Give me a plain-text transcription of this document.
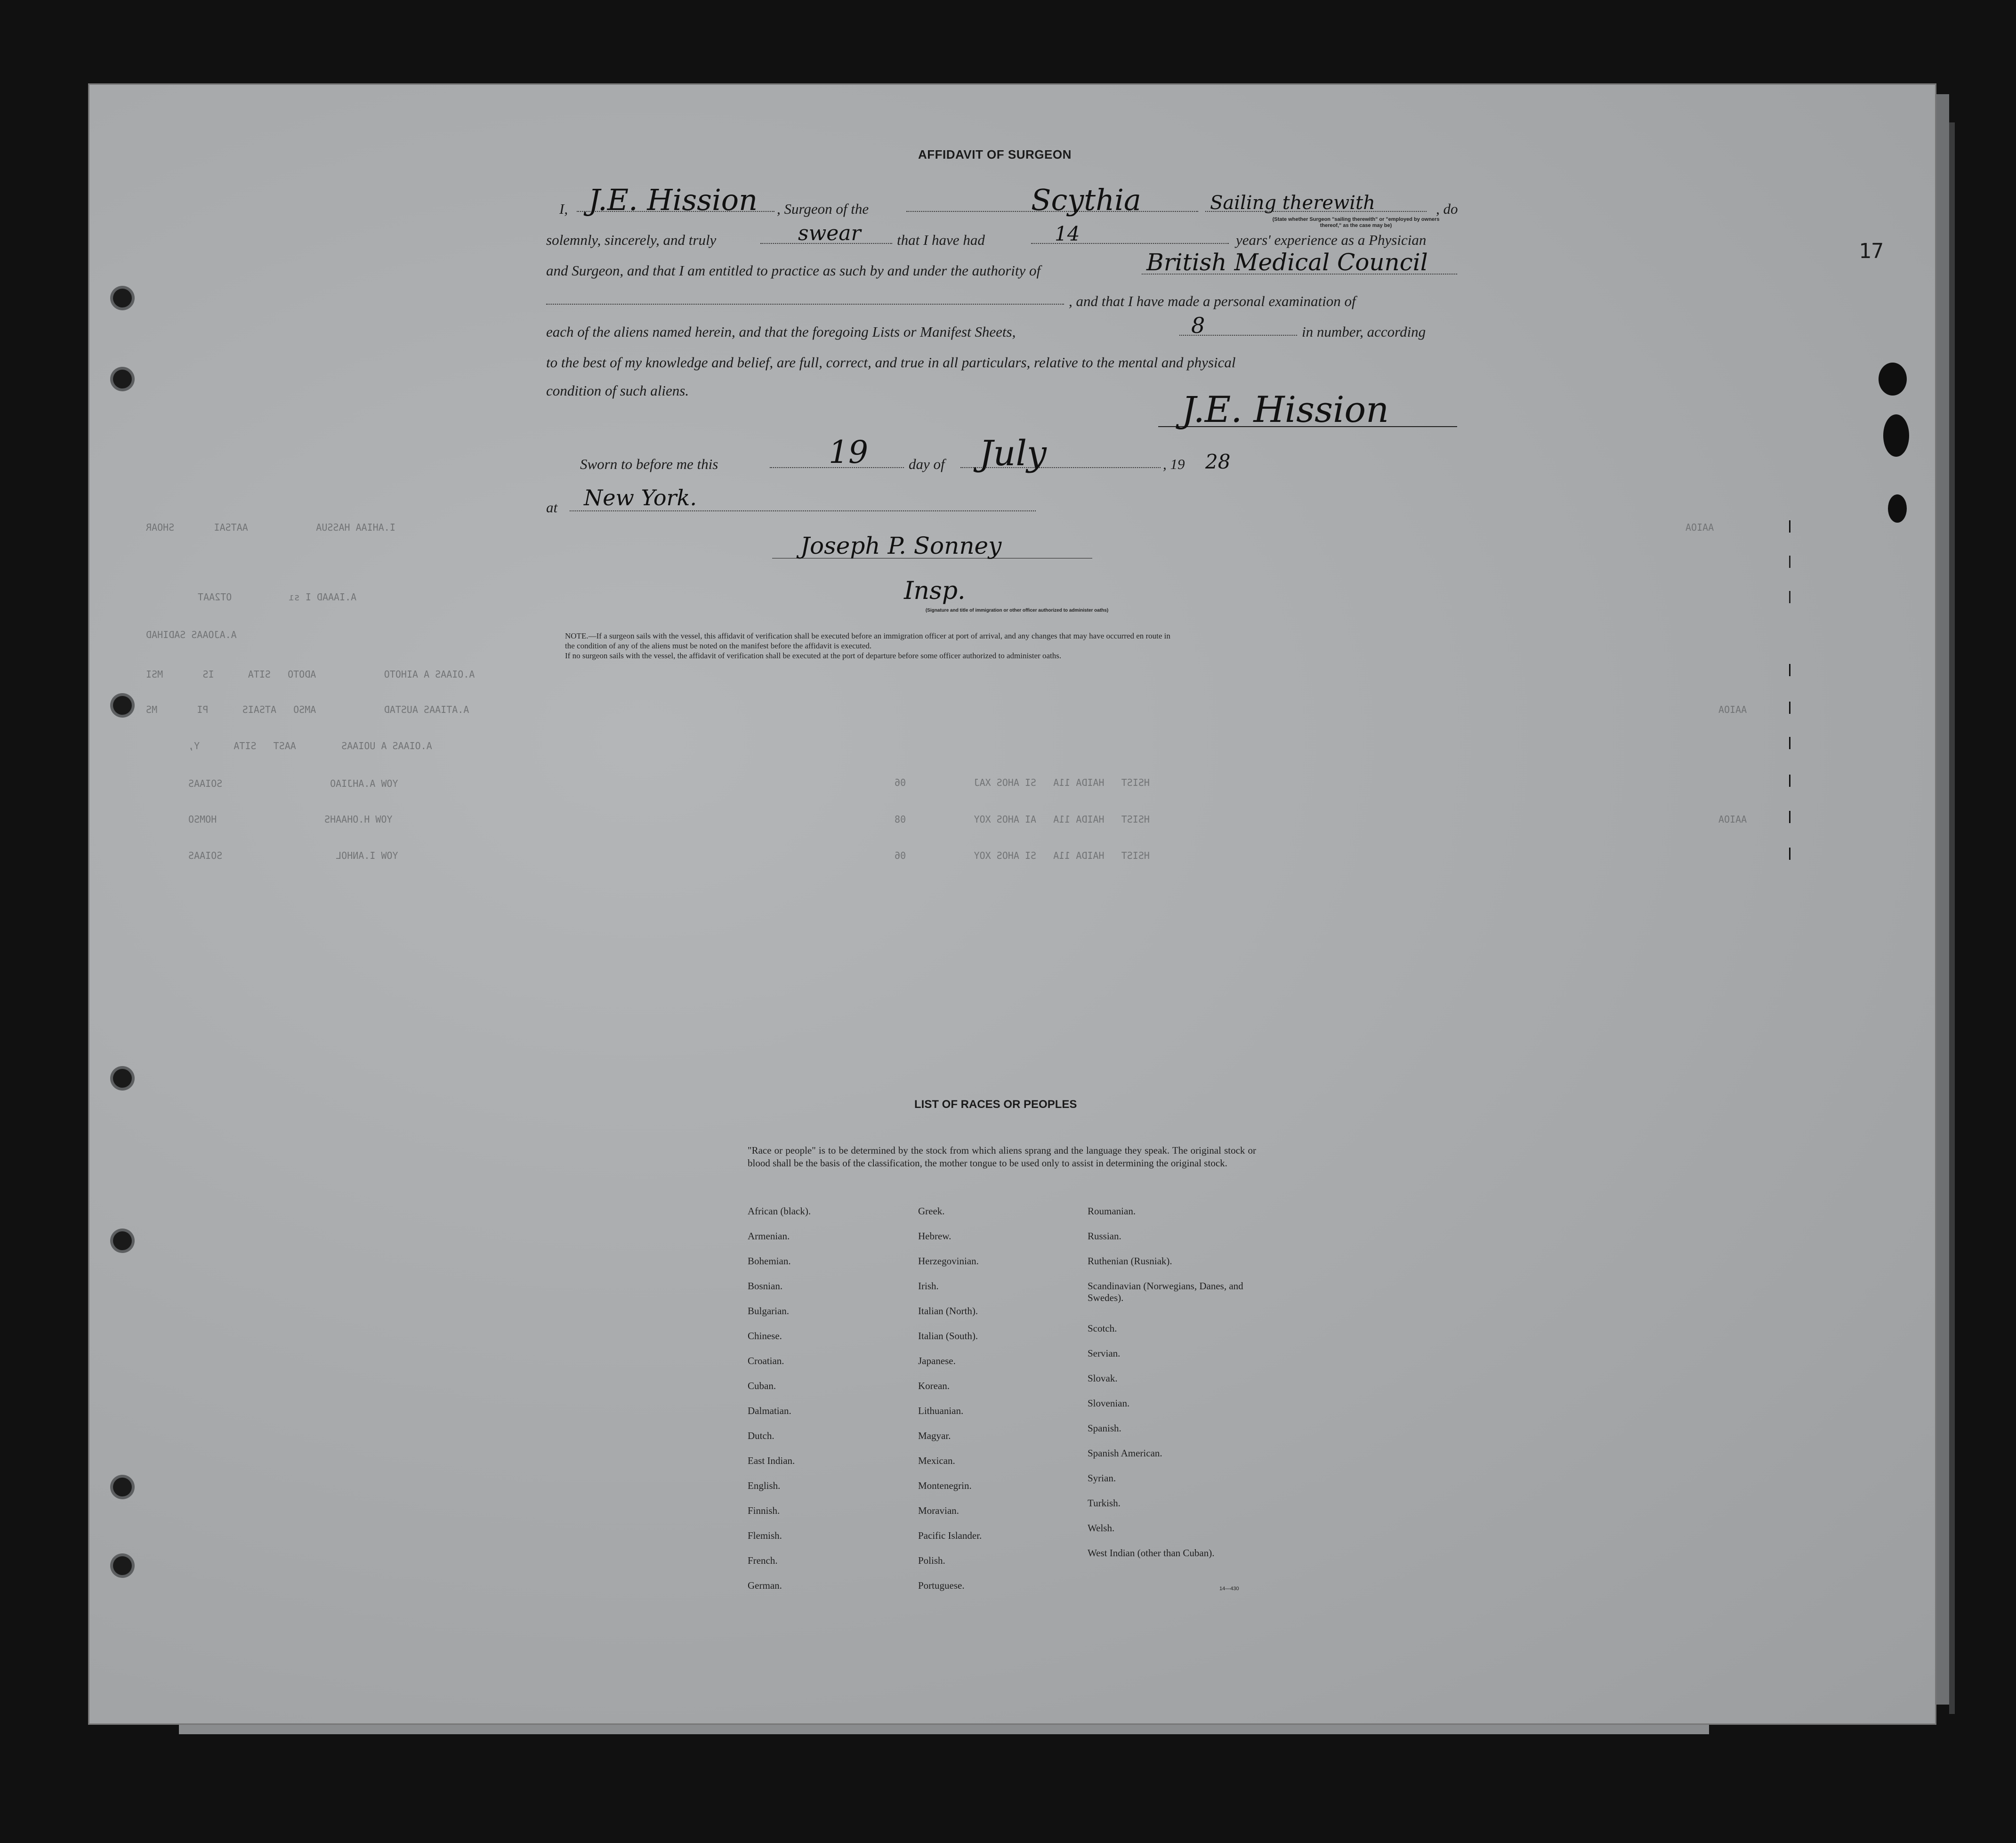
17
AFFIDAVIT OF SURGEON
I, J.E. Hission , Surgeon of the	Scythia	Sailing therewith	, do
(State whether Surgeon "sailing therewith" or "employed by owners thereof," as the case may be)
solemnly, sincerely, and truly	swear that I have had	14	years' experience as a Physician
and Surgeon, and that I am entitled to practice as such by and under the authority of	British Medical Council
, and that I have made a personal examination of
each of the aliens named herein, and that the foregoing Lists or Manifest Sheets,	8	in number, according
to the best of my knowledge and belief, are full, correct, and true in all particulars, relative to the mental and physical
condition of such aliens.	J.E. Hission
Sworn to before me this	19	day of July	, 19 28
at New York.
Joseph P. Sonney
Insp.
(Signature and title of immigration or other officer authorized to administer oaths)
NOTE.—If a surgeon sails with the vessel, this affidavit of verification shall be executed before an immigration officer at port of arrival, and any changes that may have occurred en route in
the condition of any of the aliens must be noted on the manifest before the affidavit is executed.
If no surgeon sails with the vessel, the affidavit of verification shall be executed at the port of departure before some officer authorized to administer oaths.
I.AHIAA HASSUA            AATSAI       SHOAR
A.IAAAD I sı          OT2AAT
A.AJOAAS SADIHAD
A.OIAAS A AIHOTO            ADOTO   SITA      IS       MSI
A.ATIAAS AUSTAD            AMSO   ATSAIS      PI       MS
A.OIAAS A UOIAAS        AAST   SITA      Y,
YOW A.AHJIAO                   SOIAAS
YOW H.OHAAHS                   HOMSO
YOW I.ANHOL                    SOIAAS
HSIST   HAIDA 11A   SI AHOS XAJ            06
HSIST   HAIDA 11A   AI AHOS XOY            08
HSIST   HAIDA 11A   SI AHOS XOY            06
AAIOA
AAIOA
AAIOA
LIST OF RACES OR PEOPLES
"Race or people" is to be determined by the stock from which aliens sprang and the language they speak. The original stock or blood shall be the basis of the classification, the mother tongue to be used only to assist in determining the original stock.
African (black).
Armenian.
Bohemian.
Bosnian.
Bulgarian.
Chinese.
Croatian.
Cuban.
Dalmatian.
Dutch.
East Indian.
English.
Finnish.
Flemish.
French.
German.
Greek.
Hebrew.
Herzegovinian.
Irish.
Italian (North).
Italian (South).
Japanese.
Korean.
Lithuanian.
Magyar.
Mexican.
Montenegrin.
Moravian.
Pacific Islander.
Polish.
Portuguese.
Roumanian.
Russian.
Ruthenian (Rusniak).
Scandinavian (Norwegians, Danes, and Swedes).
Scotch.
Servian.
Slovak.
Slovenian.
Spanish.
Spanish American.
Syrian.
Turkish.
Welsh.
West Indian (other than Cuban).
14—430
